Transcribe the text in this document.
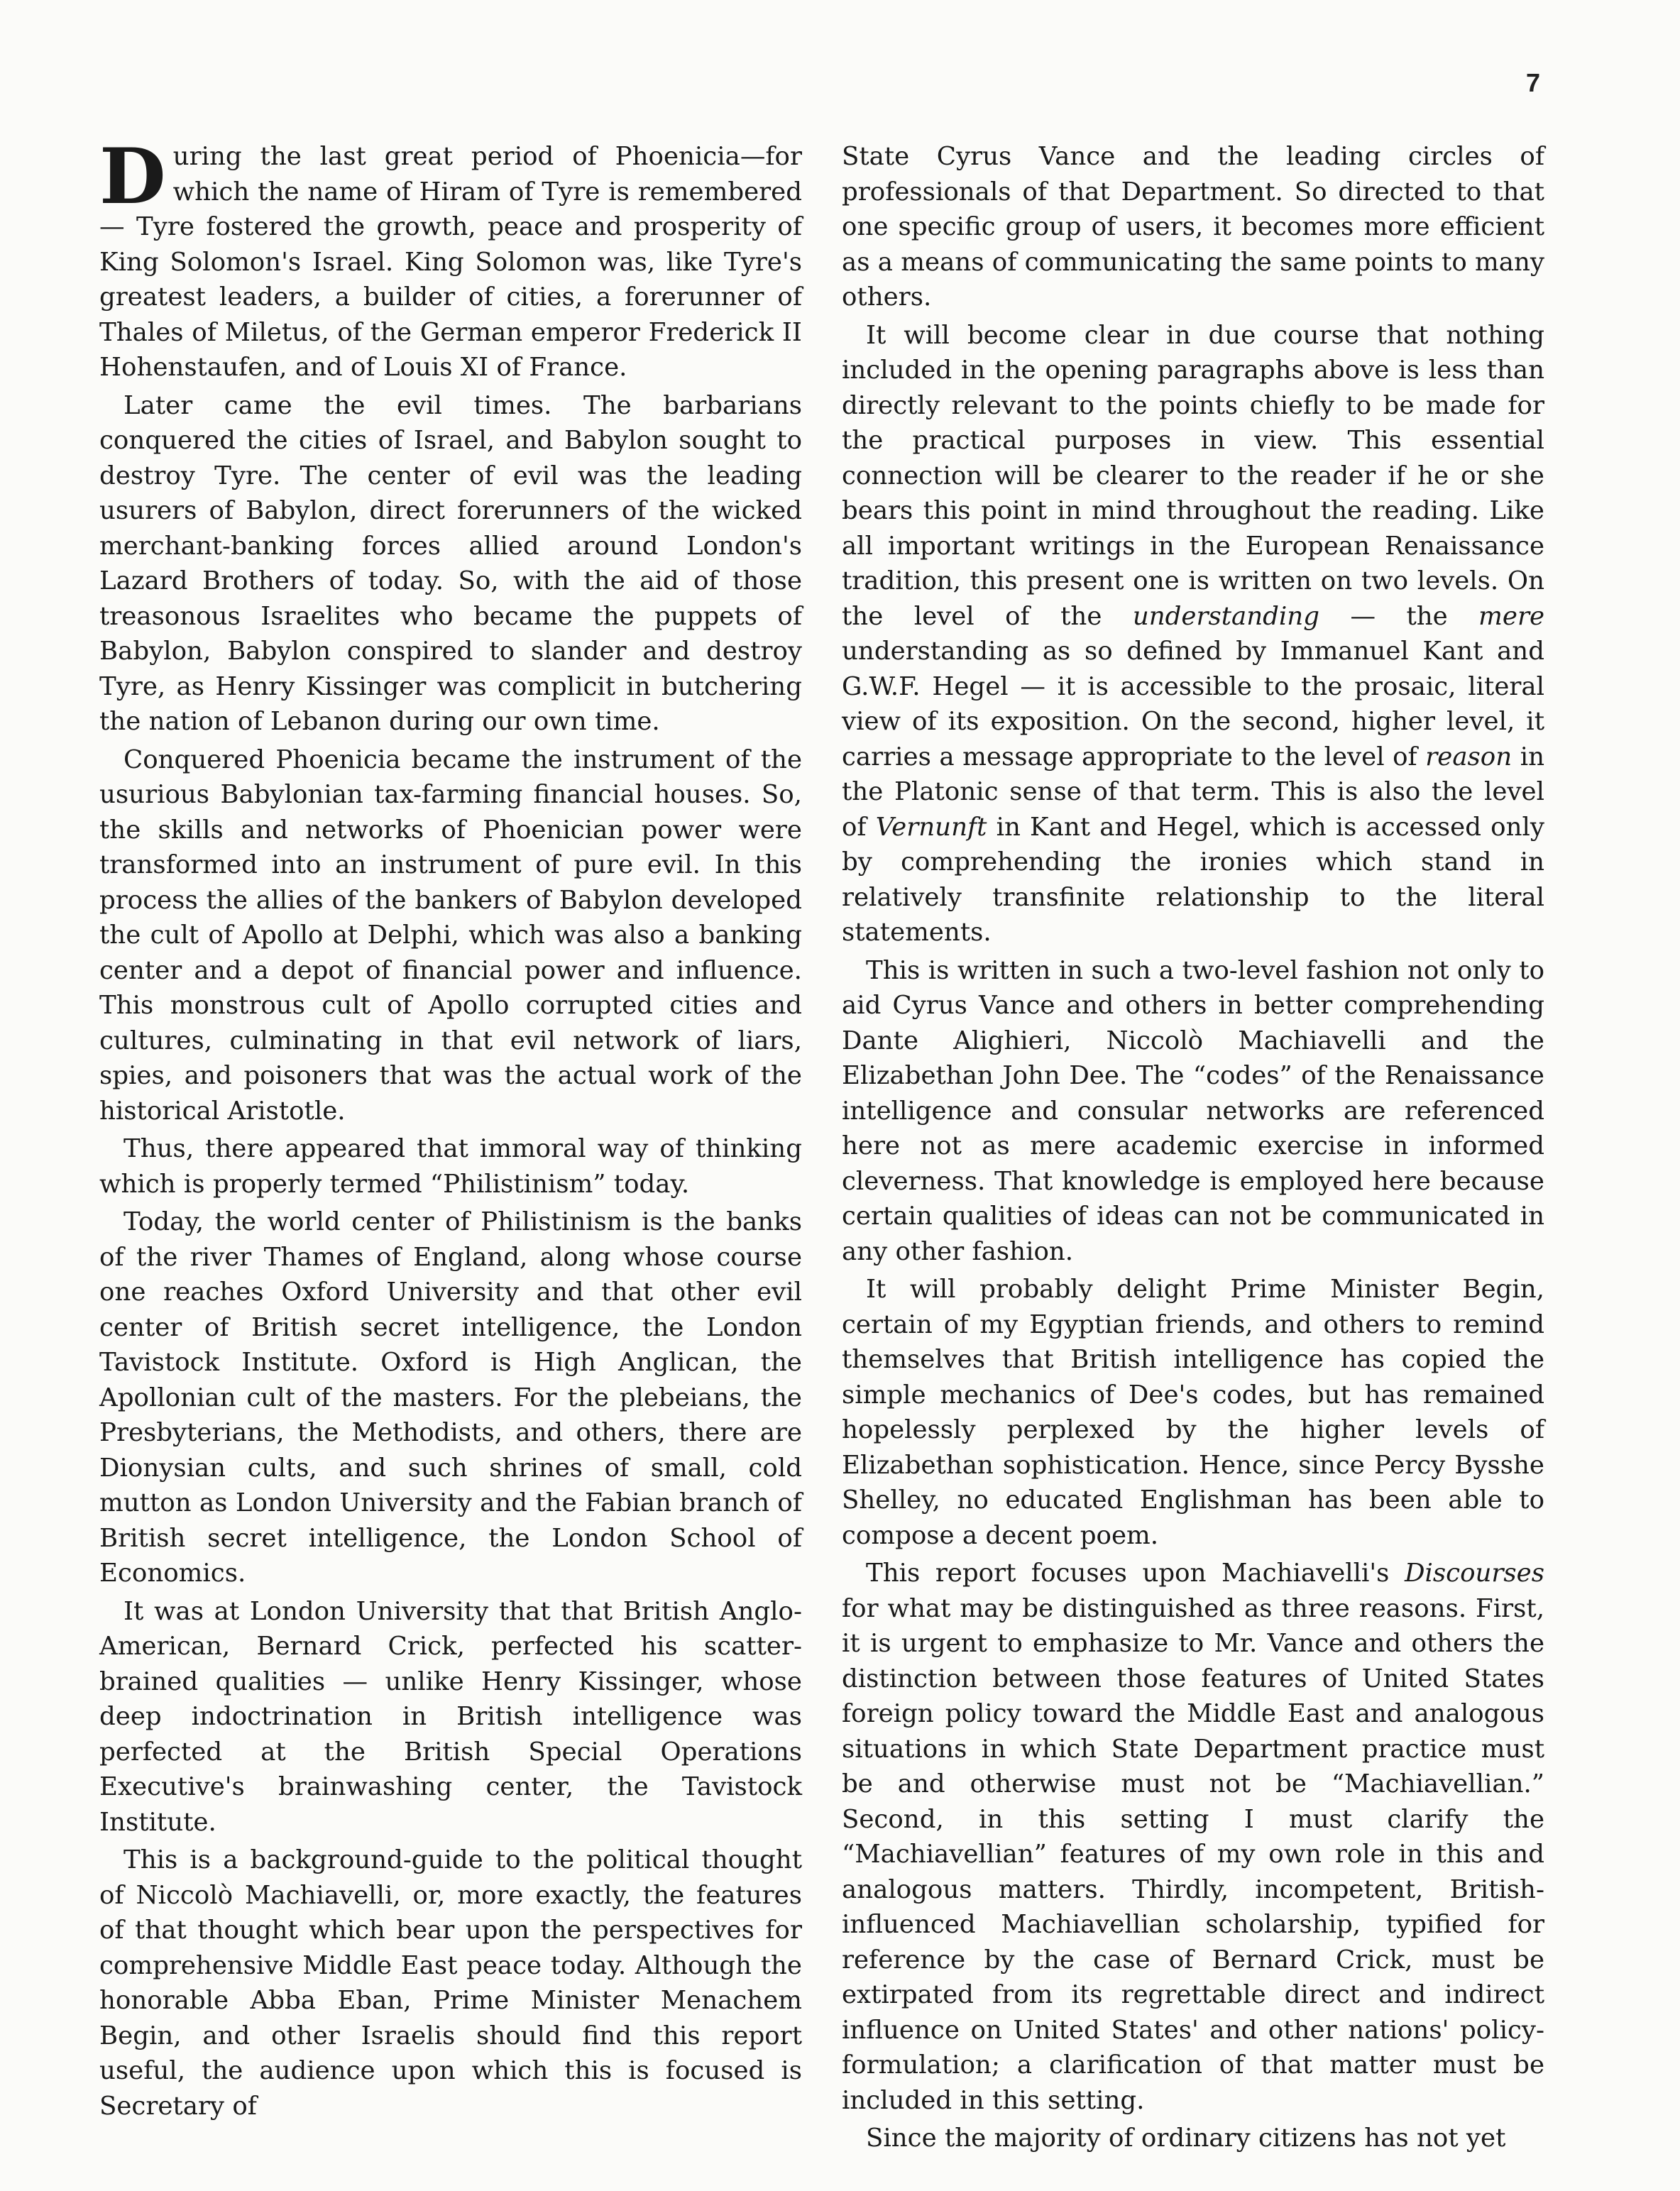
7

During the last great period of Phoenicia—for which the name of Hiram of Tyre is remembered — Tyre fostered the growth, peace and prosperity of King Solomon's Israel. King Solomon was, like Tyre's greatest leaders, a builder of cities, a forerunner of Thales of Miletus, of the German emperor Frederick II Hohenstaufen, and of Louis XI of France.

Later came the evil times. The barbarians conquered the cities of Israel, and Babylon sought to destroy Tyre. The center of evil was the leading usurers of Babylon, direct forerunners of the wicked merchant-banking forces allied around London's Lazard Brothers of today. So, with the aid of those treasonous Israelites who became the puppets of Babylon, Babylon conspired to slander and destroy Tyre, as Henry Kissinger was complicit in butchering the nation of Lebanon during our own time.

Conquered Phoenicia became the instrument of the usurious Babylonian tax-farming financial houses. So, the skills and networks of Phoenician power were transformed into an instrument of pure evil. In this process the allies of the bankers of Babylon developed the cult of Apollo at Delphi, which was also a banking center and a depot of financial power and influence. This monstrous cult of Apollo corrupted cities and cultures, culminating in that evil network of liars, spies, and poisoners that was the actual work of the historical Aristotle.

Thus, there appeared that immoral way of thinking which is properly termed “Philistinism” today.

Today, the world center of Philistinism is the banks of the river Thames of England, along whose course one reaches Oxford University and that other evil center of British secret intelligence, the London Tavistock Institute. Oxford is High Anglican, the Apollonian cult of the masters. For the plebeians, the Presbyterians, the Methodists, and others, there are Dionysian cults, and such shrines of small, cold mutton as London University and the Fabian branch of British secret intelligence, the London School of Economics.

It was at London University that that British Anglo-American, Bernard Crick, perfected his scatter-brained qualities — unlike Henry Kissinger, whose deep indoctrination in British intelligence was perfected at the British Special Operations Executive's brainwashing center, the Tavistock Institute.

This is a background-guide to the political thought of Niccolò Machiavelli, or, more exactly, the features of that thought which bear upon the perspectives for comprehensive Middle East peace today. Although the honorable Abba Eban, Prime Minister Menachem Begin, and other Israelis should find this report useful, the audience upon which this is focused is Secretary of

State Cyrus Vance and the leading circles of professionals of that Department. So directed to that one specific group of users, it becomes more efficient as a means of communicating the same points to many others.

It will become clear in due course that nothing included in the opening paragraphs above is less than directly relevant to the points chiefly to be made for the practical purposes in view. This essential connection will be clearer to the reader if he or she bears this point in mind throughout the reading. Like all important writings in the European Renaissance tradition, this present one is written on two levels. On the level of the understanding — the mere understanding as so defined by Immanuel Kant and G.W.F. Hegel — it is accessible to the prosaic, literal view of its exposition. On the second, higher level, it carries a message appropriate to the level of reason in the Platonic sense of that term. This is also the level of Vernunft in Kant and Hegel, which is accessed only by comprehending the ironies which stand in relatively transfinite relationship to the literal statements.

This is written in such a two-level fashion not only to aid Cyrus Vance and others in better comprehending Dante Alighieri, Niccolò Machiavelli and the Elizabethan John Dee. The “codes” of the Renaissance intelligence and consular networks are referenced here not as mere academic exercise in informed cleverness. That knowledge is employed here because certain qualities of ideas can not be communicated in any other fashion.

It will probably delight Prime Minister Begin, certain of my Egyptian friends, and others to remind themselves that British intelligence has copied the simple mechanics of Dee's codes, but has remained hopelessly perplexed by the higher levels of Elizabethan sophistication. Hence, since Percy Bysshe Shelley, no educated Englishman has been able to compose a decent poem.

This report focuses upon Machiavelli's Discourses for what may be distinguished as three reasons. First, it is urgent to emphasize to Mr. Vance and others the distinction between those features of United States foreign policy toward the Middle East and analogous situations in which State Department practice must be and otherwise must not be “Machiavellian.” Second, in this setting I must clarify the “Machiavellian” features of my own role in this and analogous matters. Thirdly, incompetent, British-influenced Machiavellian scholarship, typified for reference by the case of Bernard Crick, must be extirpated from its regrettable direct and indirect influence on United States' and other nations' policy-formulation; a clarification of that matter must be included in this setting.

Since the majority of ordinary citizens has not yet
